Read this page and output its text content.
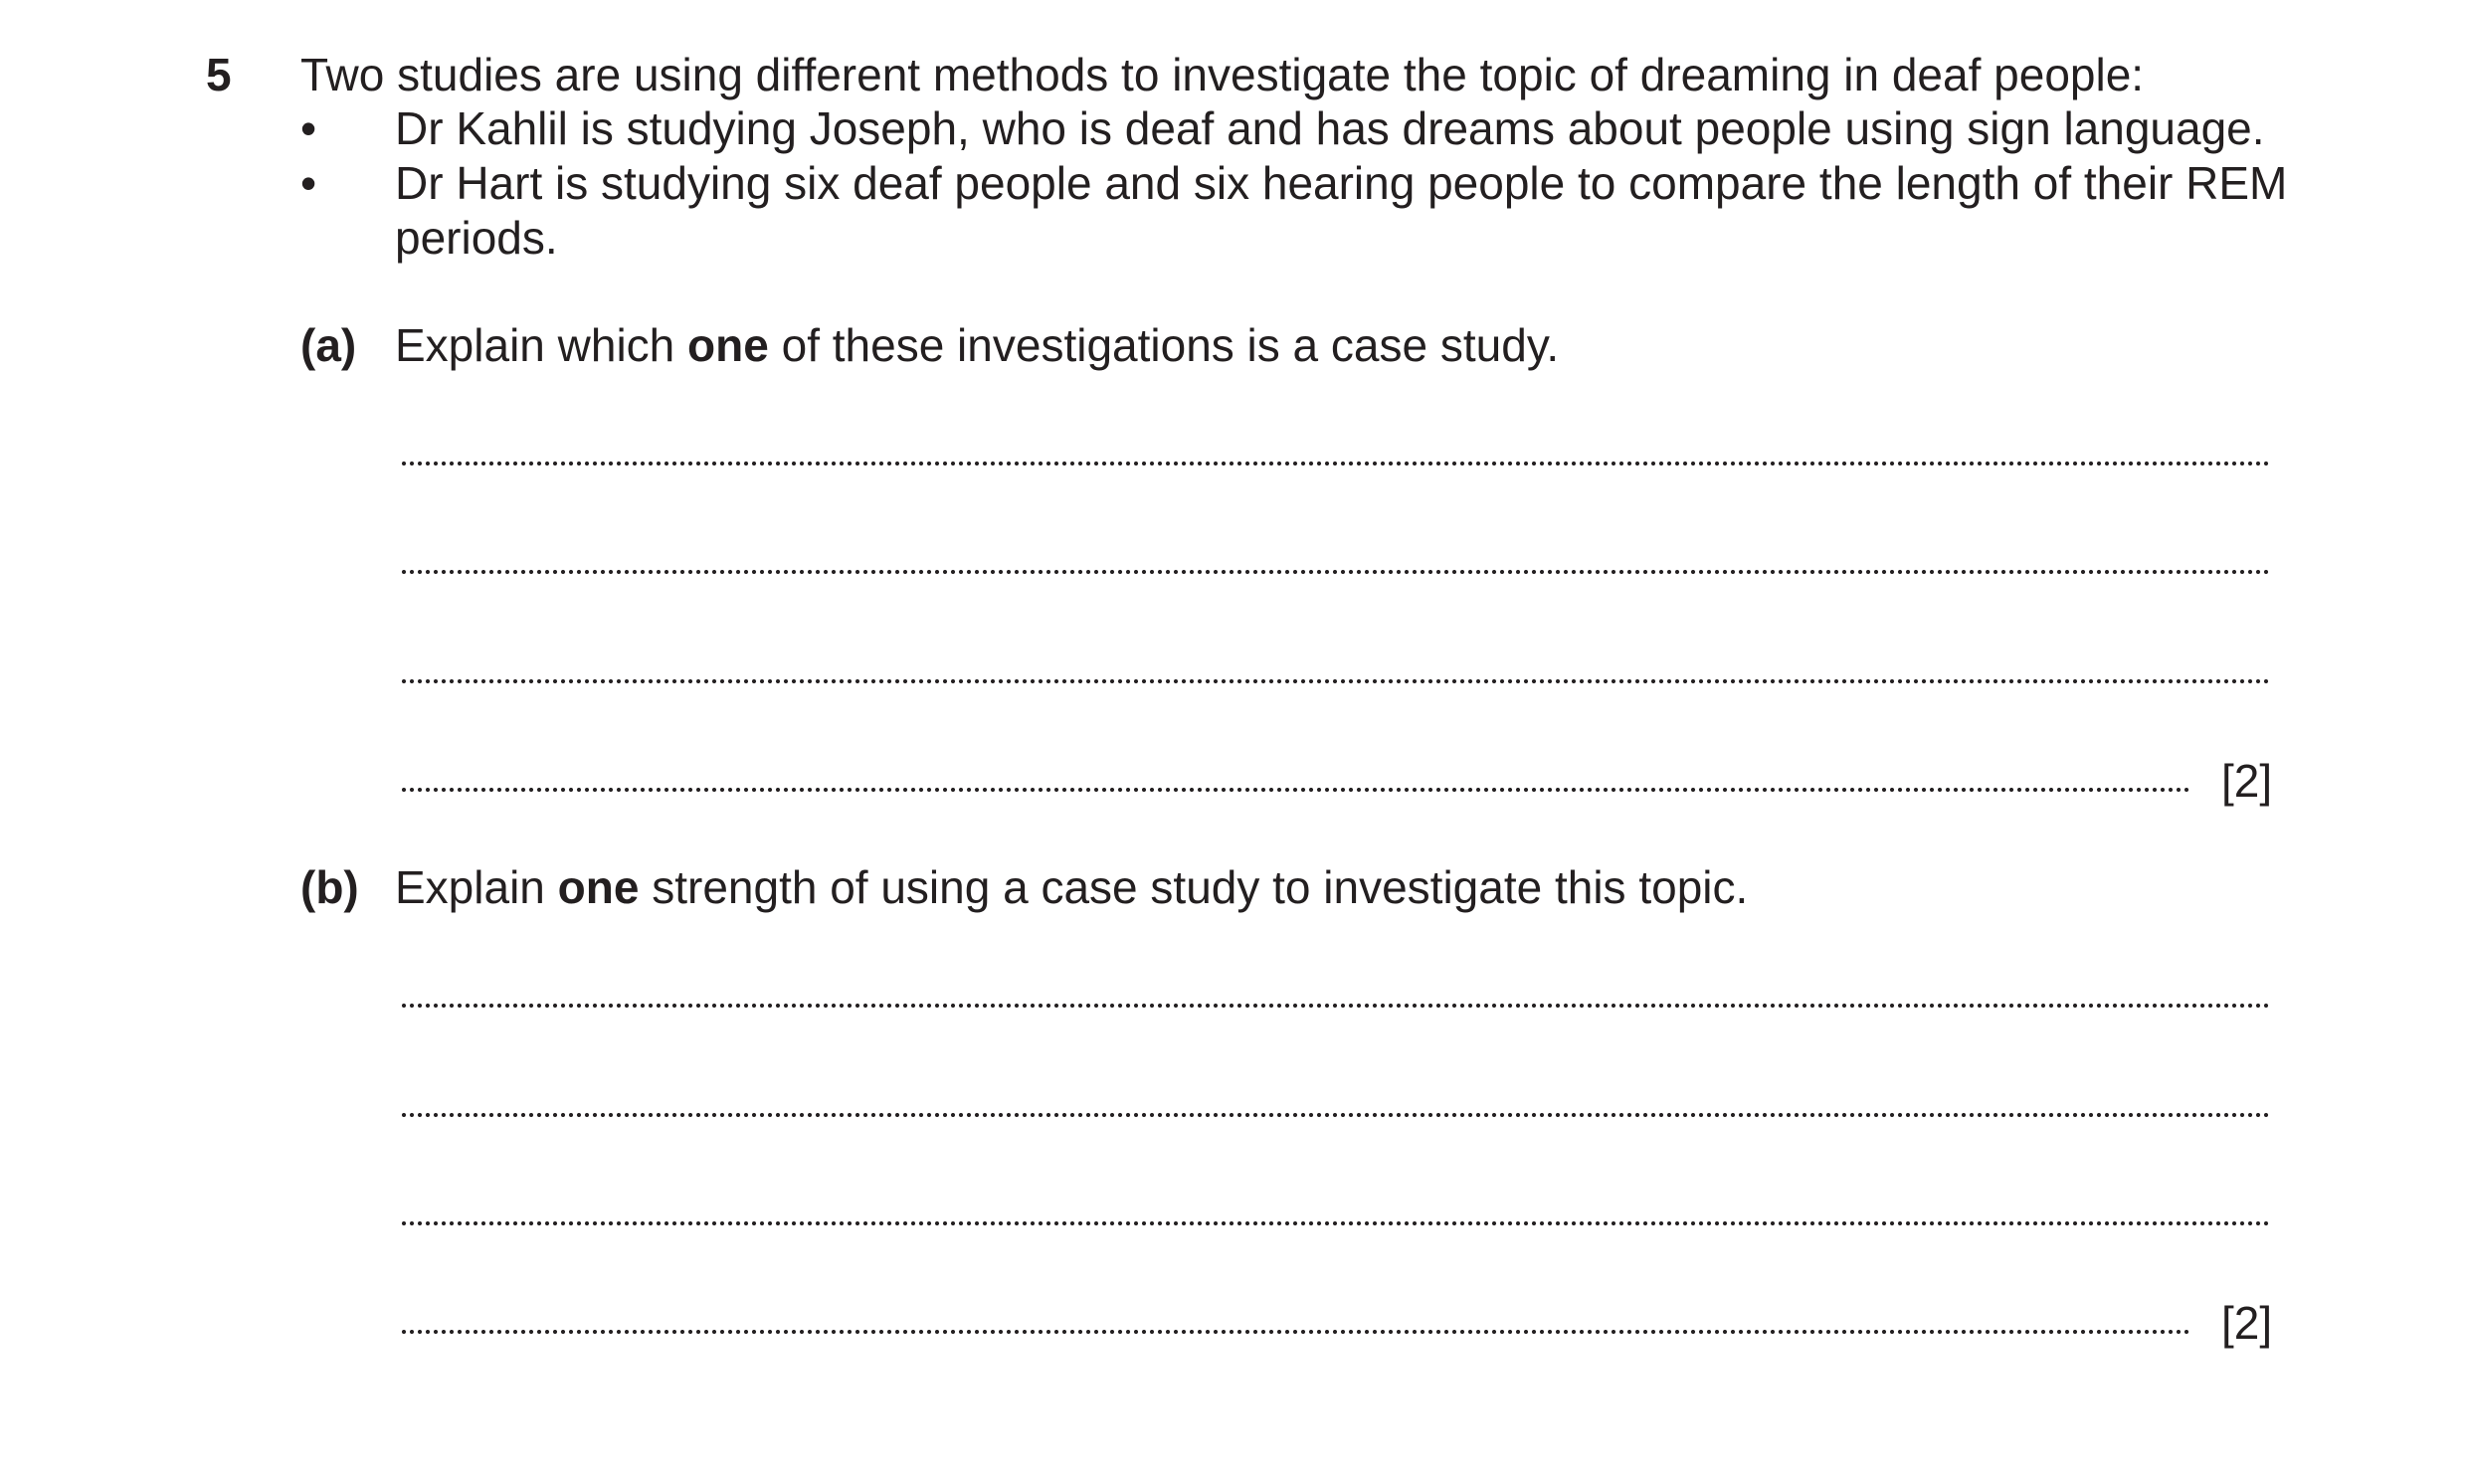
5 Two studies are using different methods to investigate the topic of dreaming in deaf people:
• Dr Kahlil is studying Joseph, who is deaf and has dreams about people using sign language.
• Dr Hart is studying six deaf people and six hearing people to compare the length of their REM
periods.
(a) Explain which one of these investigations is a case study.
[2]
(b) Explain one strength of using a case study to investigate this topic.
[2]
